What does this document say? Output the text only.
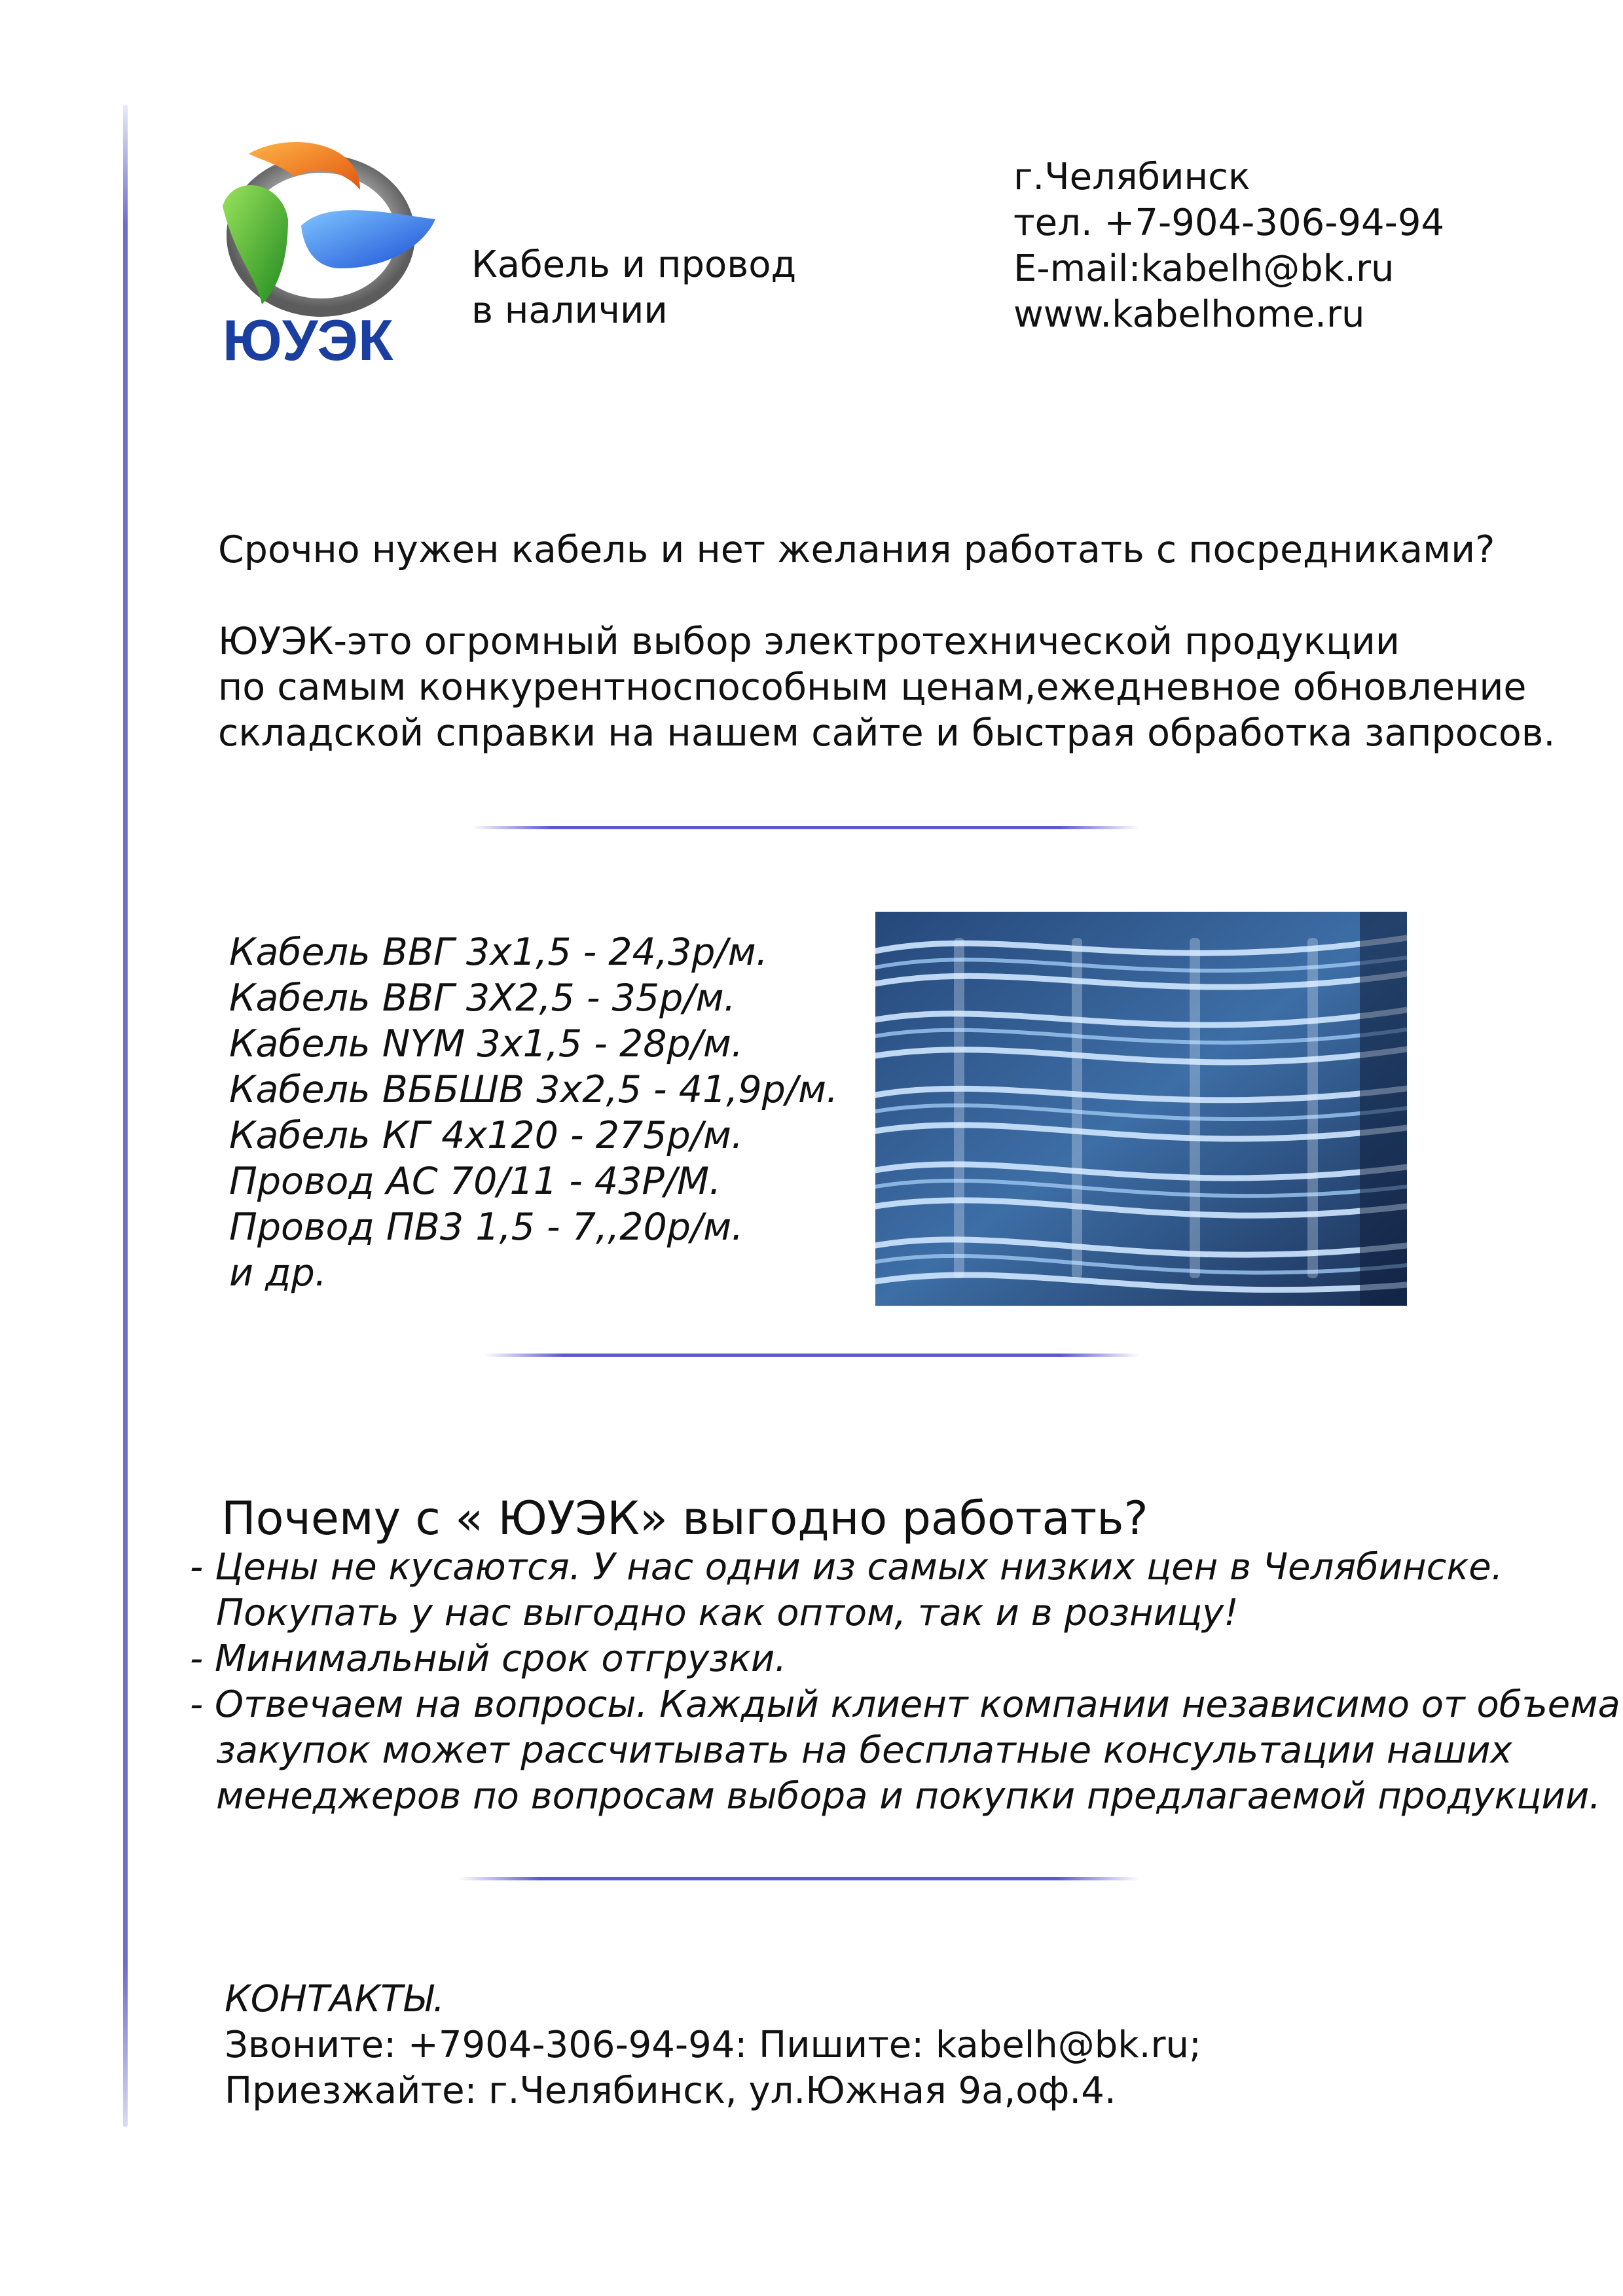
ЮУЭК
Кабель и провод
в наличии
г.Челябинск
тел. +7-904-306-94-94
E-mail:kabelh@bk.ru
www.kabelhome.ru

Срочно нужен кабель и нет желания работать с посредниками?

ЮУЭК-это огромный выбор электротехнической продукции

по самым конкурентноспособным ценам,ежедневное обновление

складской справки на нашем сайте и быстрая обработка запросов.

Кабель ВВГ 3х1,5 - 24,3р/м.
Кабель ВВГ 3Х2,5 - 35р/м.
Кабель NYM 3х1,5 - 28р/м.
Кабель ВББШВ 3х2,5 - 41,9р/м.
Кабель КГ 4х120 - 275р/м.
Провод АС 70/11 - 43Р/М.
Провод ПВ3 1,5 - 7,,20р/м.
и др.
Почему с « ЮУЭК» выгодно работать?
- Цены не кусаются. У нас одни из самых низких цен в Челябинске.
Покупать у нас выгодно как оптом, так и в розницу!
- Минимальный срок отгрузки.
- Отвечаем на вопросы. Каждый клиент компании независимо от объема
закупок может рассчитывать на бесплатные консультации наших
менеджеров по вопросам выбора и покупки предлагаемой продукции.
КОНТАКТЫ.
Звоните: +7904-306-94-94: Пишите: kabelh@bk.ru;
Приезжайте: г.Челябинск, ул.Южная 9а,оф.4.
